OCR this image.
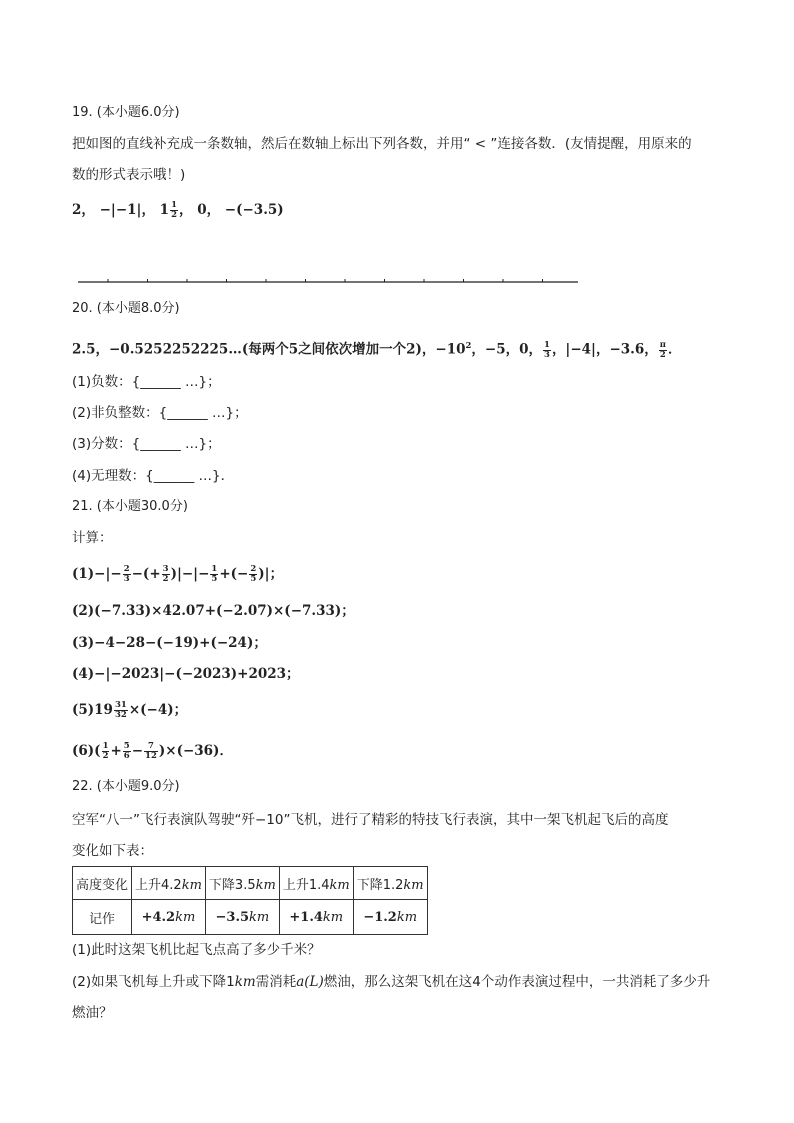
19. (本小题6.0分)
把如图的直线补充成一条数轴，然后在数轴上标出下列各数，并用“ < ”连接各数．(友情提醒，用原来的
数的形式表示哦！)
2， −|−1|， $1 \frac{1}{2}$ ， 0， −(−3.5)
20. (本小题8.0分)
2.5，−0.5252252225…(每两个5之间依次增加一个2)，$-10^2$，−5，0， $\frac{1}{3}$ ，|−4|，−3.6， $\frac{\pi}{2}$ ．
(1)负数：{______ …}；
(2)非负整数：{______ …}；
(3)分数：{______ …}；
(4)无理数：{______ …}．
21. (本小题30.0分)
计算：
$(1)-|- \frac{2}{3}$ −(+ $\frac{3}{2}$ )|−|− $\frac{1}{5}$ +(− $\frac{2}{5}$ )|；
(2)(−7.33)×42.07+(−2.07)×(−7.33)；
(3)−4−28−(−19)+(−24)；
(4)−|−2023|−(−2023)+2023；
$(5)19 \frac{31}{32} \times(-4)$；
$(6)( \frac{1}{2} + \frac{5}{6} - \frac{7}{12} )\times(-36)$．
22. (本小题9.0分)
空军“八一”飞行表演队驾驶“歼−10”飞机，进行了精彩的特技飞行表演，其中一架飞机起飞后的高度
变化如下表：
高度变化	上升4.2km	下降3.5km	上升1.4km	下降1.2km
记作	+4.2km	−3.5km	+1.4km	−1.2km
(1)此时这架飞机比起飞点高了多少千米？
(2)如果飞机每上升或下降1km需消耗a(L)燃油，那么这架飞机在这4个动作表演过程中，一共消耗了多少升
燃油？
